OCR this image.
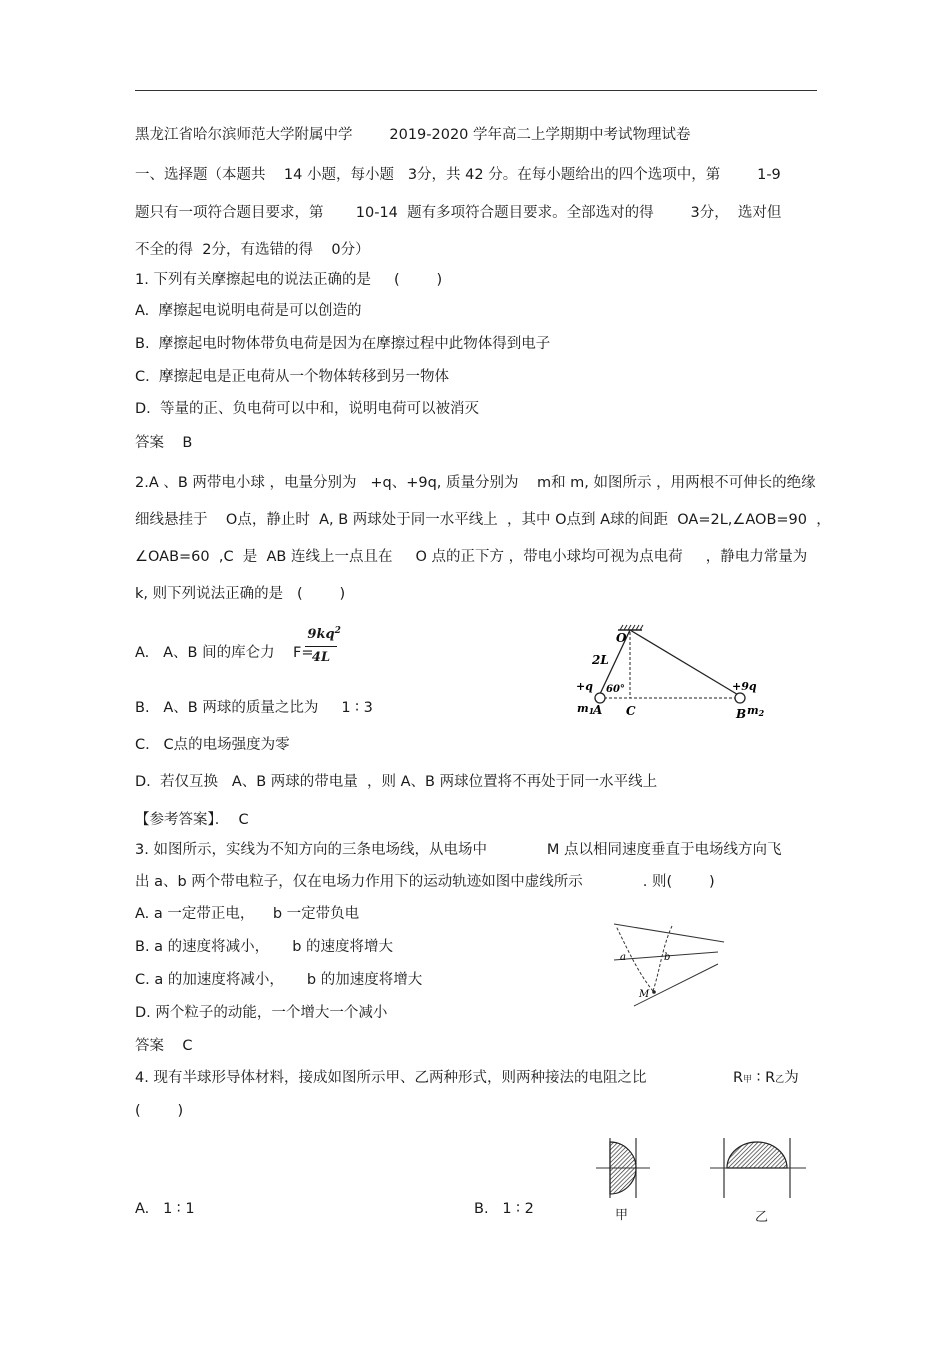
黑龙江省哈尔滨师范大学附属中学        2019-2020 学年高二上学期期中考试物理试卷
一、选择题（本题共    14 小题，每小题   3分，共 42 分。在每小题给出的四个选项中，第        1-9
题只有一项符合题目要求，第       10-14  题有多项符合题目要求。全部选对的得        3分，  选对但
不全的得  2分，有选错的得    0分）
1. 下列有关摩擦起电的说法正确的是     (        )
A.  摩擦起电说明电荷是可以创造的
B.  摩擦起电时物体带负电荷是因为在摩擦过程中此物体得到电子
C.  摩擦起电是正电荷从一个物体转移到另一物体
D.  等量的正、负电荷可以中和，说明电荷可以被消灭
答案    B
2.A 、B 两带电小球 ，电量分别为   +q、+9q, 质量分别为    m和 m, 如图所示 ，用两根不可伸长的绝缘
细线悬挂于    O点，静止时  A, B 两球处于同一水平线上  ，其中 O点到 A球的间距  OA=2L,∠AOB=90  ，
∠OAB=60  ,C  是  AB 连线上一点且在     O 点的正下方 ，带电小球均可视为点电荷     ，静电力常量为
k, 则下列说法正确的是   (        )
A.   A、B 间的库仑力    F=
9kq 2
4L
B.   A、B 两球的质量之比为     1 ∶ 3
C.   C点的电场强度为零
D.  若仅互换   A、B 两球的带电量  ，则 A、B 两球位置将不再处于同一水平线上
【参考答案】．  C
O
2L
+q 60°	+9q
m1
A C	B m2
3. 如图所示，实线为不知方向的三条电场线，从电场中             M 点以相同速度垂直于电场线方向飞
出 a、b 两个带电粒子，仅在电场力作用下的运动轨迹如图中虚线所示             . 则(        )
A. a 一定带正电，    b 一定带负电
B. a 的速度将减小，     b 的速度将增大
C. a 的加速度将减小，     b 的加速度将增大
D. 两个粒子的动能，一个增大一个减小
答案    C
a	b
M
4. 现有半球形导体材料，接成如图所示甲、乙两种形式，则两种接法的电阻之比	R甲 ∶ R乙为
(        )
A.   1 ∶ 1	B.   1 ∶ 2	甲	乙
